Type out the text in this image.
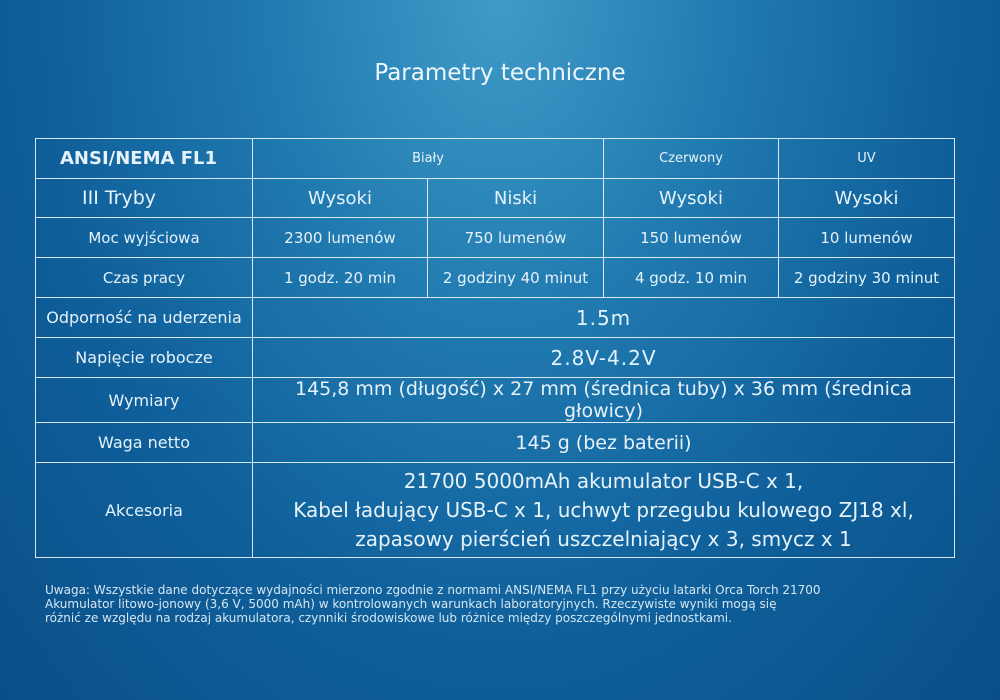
Parametry techniczne
ANSI/NEMA FL1	Biały		Czerwony	UV
III Tryby	Wysoki	Niski	Wysoki	Wysoki
Moc wyjściowa	2300 lumenów	750 lumenów	150 lumenów	10 lumenów
Czas pracy	1 godz. 20 min	2 godziny 40 minut	4 godz. 10 min	2 godziny 30 minut
Odporność na uderzenia	1.5m			
Napięcie robocze	2.8V-4.2V			
Wymiary	145,8 mm (długość) x 27 mm (średnica tuby) x 36 mm (średnica głowicy)			
Waga netto	145 g (bez baterii)			
Akcesoria	21700 5000mAh akumulator USB-C x 1,
Kabel ładujący USB-C x 1, uchwyt przegubu kulowego ZJ18 xl,
zapasowy pierścień uszczelniający x 3, smycz x 1			
Uwaga: Wszystkie dane dotyczące wydajności mierzono zgodnie z normami ANSI/NEMA FL1 przy użyciu latarki Orca Torch 21700
Akumulator litowo-jonowy (3,6 V, 5000 mAh) w kontrolowanych warunkach laboratoryjnych. Rzeczywiste wyniki mogą się
różnić ze względu na rodzaj akumulatora, czynniki środowiskowe lub różnice między poszczególnymi jednostkami.
